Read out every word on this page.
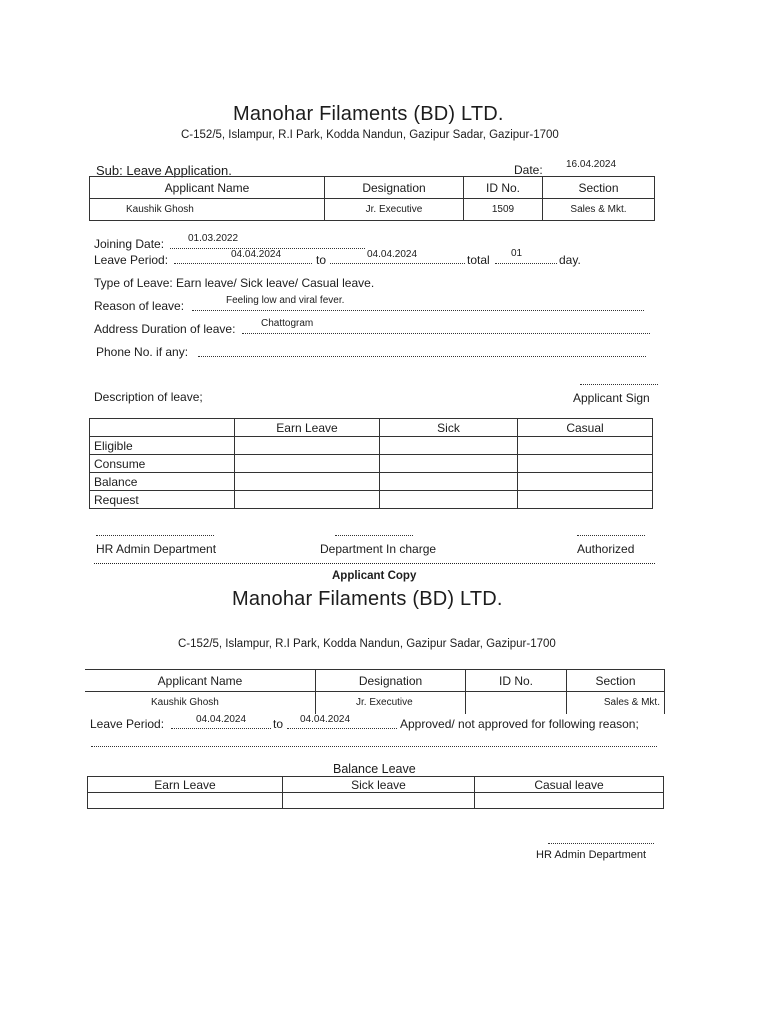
Manohar Filaments (BD) LTD.
C-152/5, Islampur, R.I Park, Kodda Nandun, Gazipur Sadar, Gazipur-1700
Sub: Leave Application.	Date: 16.04.2024
Applicant Name	Designation	ID No.	Section
Kaushik Ghosh	Jr. Executive	1509	Sales & Mkt.
Joining Date: 01.03.2022
Leave Period:	04.04.2024	to	04.04.2024	total 01	day.
Type of Leave: Earn leave/ Sick leave/ Casual leave.
Reason of leave:	Feeling low and viral fever.
Address Duration of leave:	Chattogram
Phone No. if any:
Applicant Sign
Description of leave;
	Earn Leave	Sick	Casual
Eligible			
Consume			
Balance			
Request			
HR Admin Department	Department In charge	Authorized
Applicant Copy
Manohar Filaments (BD) LTD.
C-152/5, Islampur, R.I Park, Kodda Nandun, Gazipur Sadar, Gazipur-1700
Applicant Name	Designation	ID No.	Section
Kaushik Ghosh	Jr. Executive		Sales & Mkt.
Leave Period:	04.04.2024 to 04.04.2024	Approved/ not approved for following reason;
Balance Leave
Earn Leave	Sick leave	Casual leave

HR Admin Department
